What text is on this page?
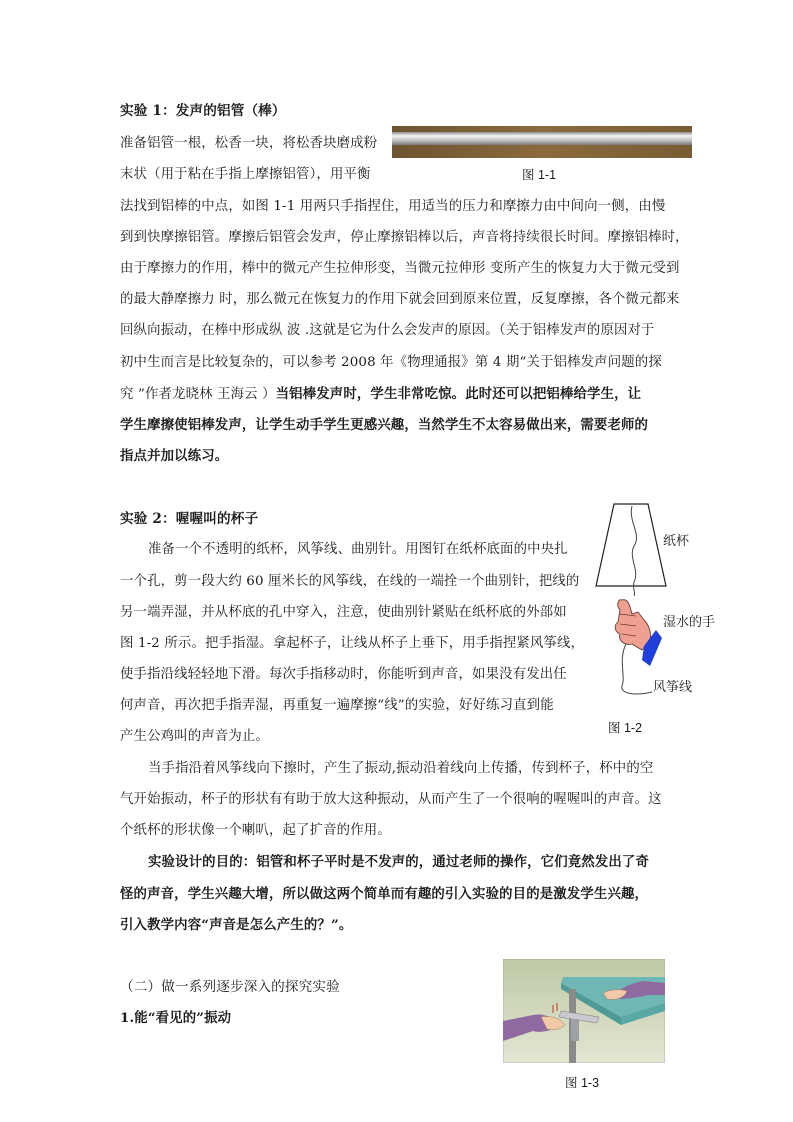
实验 1：发声的铝管（棒）
准备铝管一根，松香一块，将松香块磨成粉
末状（用于粘在手指上摩擦铝管），用平衡
法找到铝棒的中点，如图 1-1 用两只手指捏住，用适当的压力和摩擦力由中间向一侧，由慢
到到快摩擦铝管。摩擦后铝管会发声，停止摩擦铝棒以后，声音将持续很长时间。摩擦铝棒时，
由于摩擦力的作用，棒中的微元产生拉伸形变，当微元拉伸形 变所产生的恢复力大于微元受到
的最大静摩擦力 时，那么微元在恢复力的作用下就会回到原来位置，反复摩擦，各个微元都来
回纵向振动，在棒中形成纵 波 .这就是它为什么会发声的原因。（关于铝棒发声的原因对于
初中生而言是比较复杂的，可以参考 2008 年《物理通报》第 4 期“关于铝棒发声问题的探
究 ”作者龙晓林 王海云 ）当铝棒发声时，学生非常吃惊。此时还可以把铝棒给学生，让
学生摩擦使铝棒发声，让学生动手学生更感兴趣，当然学生不太容易做出来，需要老师的
指点并加以练习。
图 1-1
实验 2：喔喔叫的杯子
准备一个不透明的纸杯，风筝线、曲别针。用图钉在纸杯底面的中央扎
一个孔，剪一段大约 60 厘米长的风筝线，在线的一端拴一个曲别针，把线的
另一端弄湿，并从杯底的孔中穿入，注意，使曲别针紧贴在纸杯底的外部如
图 1-2 所示。把手指湿。拿起杯子，让线从杯子上垂下，用手指捏紧风筝线，
使手指沿线轻轻地下滑。每次手指移动时，你能听到声音，如果没有发出任
何声音，再次把手指弄湿，再重复一遍摩擦“线”的实验，好好练习直到能
产生公鸡叫的声音为止。
当手指沿着风筝线向下擦时，产生了振动,振动沿着线向上传播，传到杯子，杯中的空
气开始振动，杯子的形状有有助于放大这种振动，从而产生了一个很响的喔喔叫的声音。这
个纸杯的形状像一个喇叭，起了扩音的作用。
实验设计的目的：铝管和杯子平时是不发声的，通过老师的操作，它们竟然发出了奇
怪的声音，学生兴趣大增，所以做这两个简单而有趣的引入实验的目的是激发学生兴趣，
引入教学内容“声音是怎么产生的？”。
纸杯
湿水的手
风筝线
图 1-2
（二）做一系列逐步深入的探究实验
1.能“看见的”振动
图 1-3
